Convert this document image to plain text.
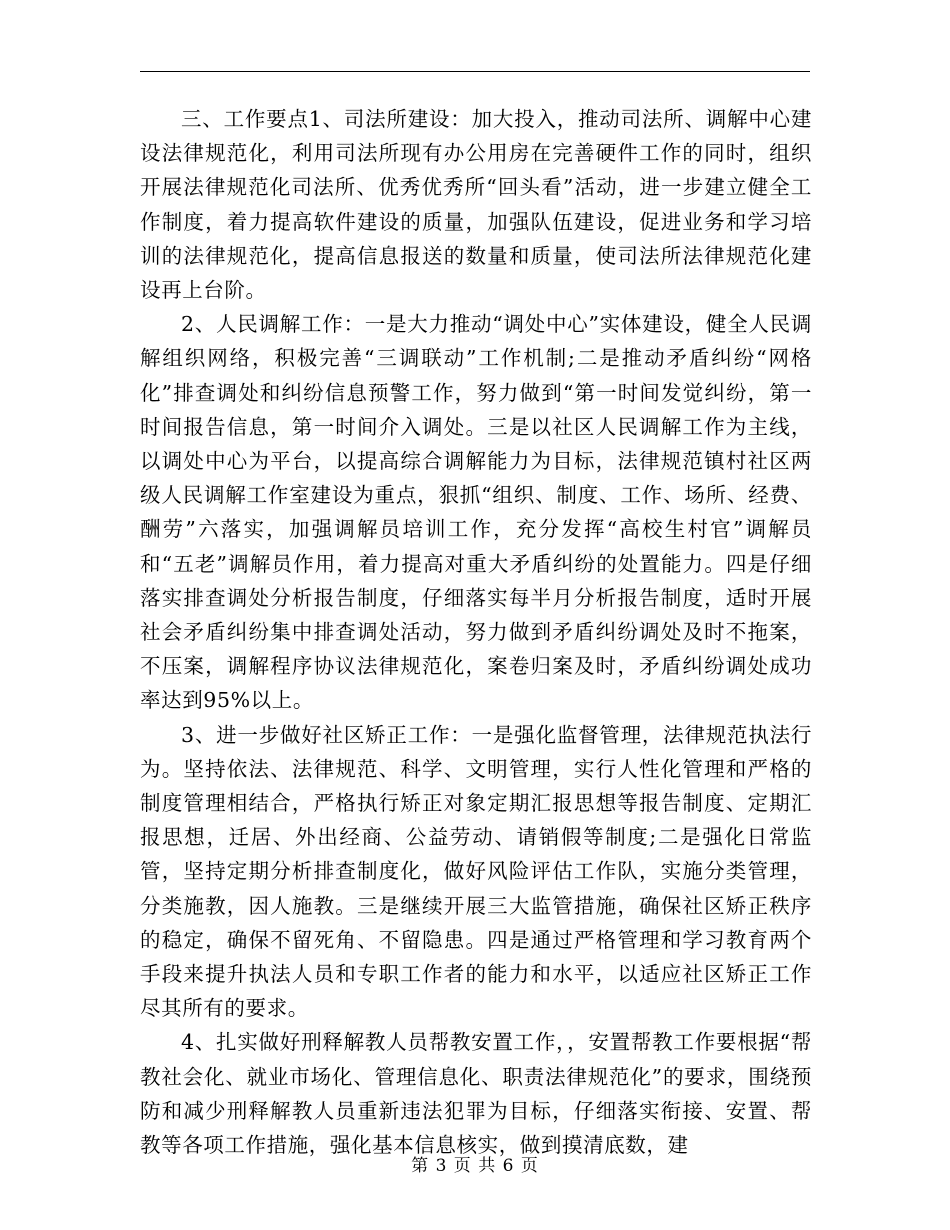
三、工作要点1、司法所建设：加大投入，推动司法所、调解中心建设法律规范化，利用司法所现有办公用房在完善硬件工作的同时，组织开展法律规范化司法所、优秀优秀所“回头看”活动，进一步建立健全工作制度，着力提高软件建设的质量，加强队伍建设，促进业务和学习培训的法律规范化，提高信息报送的数量和质量，使司法所法律规范化建设再上台阶。

2、人民调解工作：一是大力推动“调处中心”实体建设，健全人民调解组织网络，积极完善“三调联动”工作机制;二是推动矛盾纠纷“网格化”排查调处和纠纷信息预警工作，努力做到“第一时间发觉纠纷，第一时间报告信息，第一时间介入调处。三是以社区人民调解工作为主线，以调处中心为平台，以提高综合调解能力为目标，法律规范镇村社区两级人民调解工作室建设为重点，狠抓“组织、制度、工作、场所、经费、酬劳”六落实，加强调解员培训工作，充分发挥“高校生村官”调解员和“五老”调解员作用，着力提高对重大矛盾纠纷的处置能力。四是仔细落实排查调处分析报告制度，仔细落实每半月分析报告制度，适时开展社会矛盾纠纷集中排查调处活动，努力做到矛盾纠纷调处及时不拖案，不压案，调解程序协议法律规范化，案卷归案及时，矛盾纠纷调处成功率达到95%以上。

3、进一步做好社区矫正工作：一是强化监督管理，法律规范执法行为。坚持依法、法律规范、科学、文明管理，实行人性化管理和严格的制度管理相结合，严格执行矫正对象定期汇报思想等报告制度、定期汇报思想，迁居、外出经商、公益劳动、请销假等制度;二是强化日常监管，坚持定期分析排查制度化，做好风险评估工作队，实施分类管理，分类施教，因人施教。三是继续开展三大监管措施，确保社区矫正秩序的稳定，确保不留死角、不留隐患。四是通过严格管理和学习教育两个手段来提升执法人员和专职工作者的能力和水平，以适应社区矫正工作尽其所有的要求。

4、扎实做好刑释解教人员帮教安置工作，，安置帮教工作要根据“帮教社会化、就业市场化、管理信息化、职责法律规范化”的要求，围绕预防和减少刑释解教人员重新违法犯罪为目标，仔细落实衔接、安置、帮教等各项工作措施，强化基本信息核实，做到摸清底数，建

第 3 页 共 6 页
